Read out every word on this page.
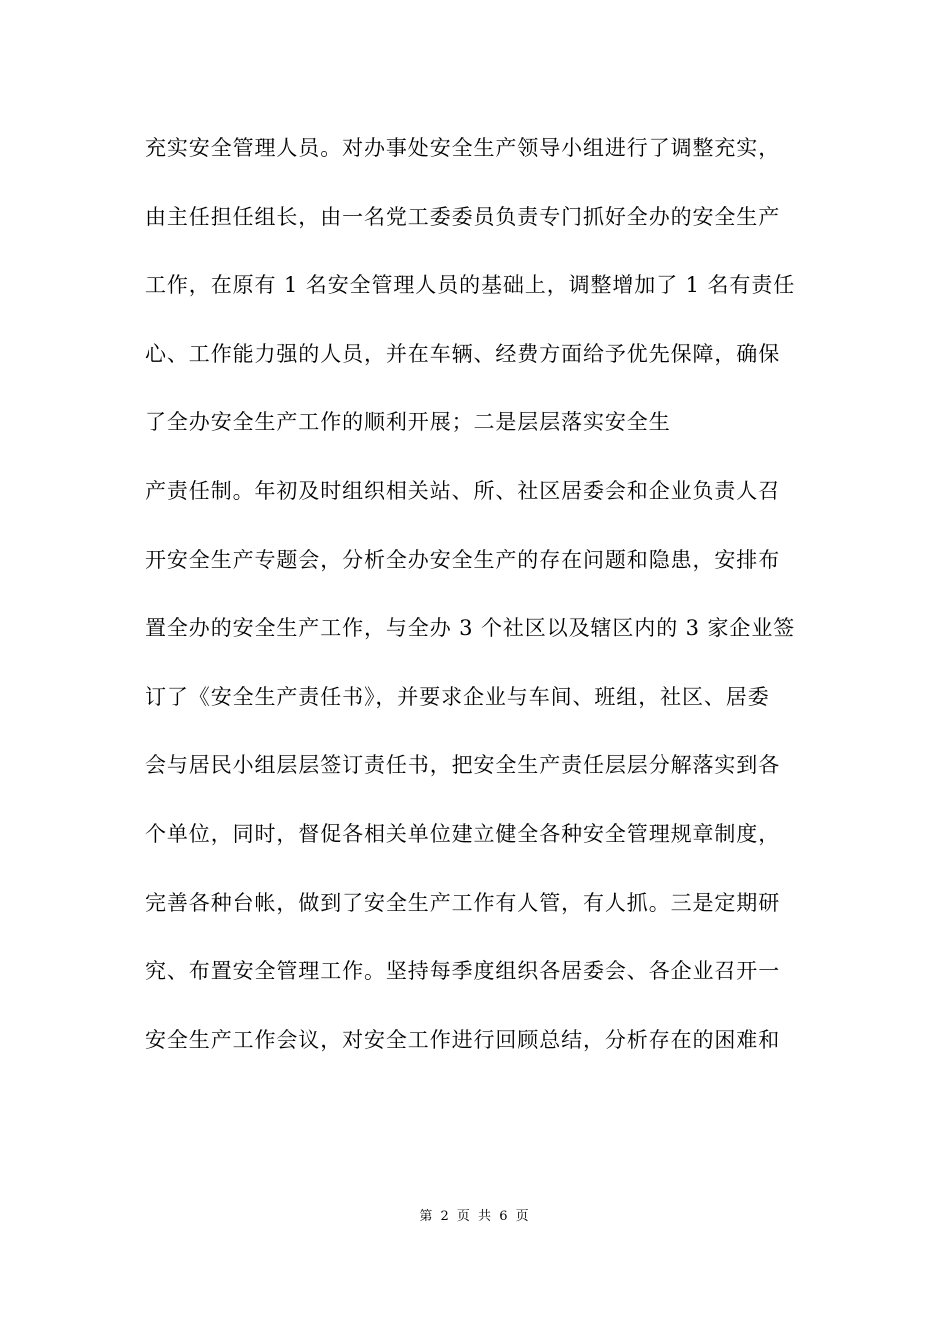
充实安全管理人员。对办事处安全生产领导小组进行了调整充实，
由主任担任组长，由一名党工委委员负责专门抓好全办的安全生产
工作，在原有 1 名安全管理人员的基础上，调整增加了 1 名有责任
心、工作能力强的人员，并在车辆、经费方面给予优先保障，确保
了全办安全生产工作的顺利开展；二是层层落实安全生
产责任制。年初及时组织相关站、所、社区居委会和企业负责人召
开安全生产专题会，分析全办安全生产的存在问题和隐患，安排布
置全办的安全生产工作，与全办 3 个社区以及辖区内的 3 家企业签
订了《安全生产责任书》，并要求企业与车间、班组，社区、居委
会与居民小组层层签订责任书，把安全生产责任层层分解落实到各
个单位，同时，督促各相关单位建立健全各种安全管理规章制度，
完善各种台帐，做到了安全生产工作有人管，有人抓。三是定期研
究、布置安全管理工作。坚持每季度组织各居委会、各企业召开一
安全生产工作会议，对安全工作进行回顾总结，分析存在的困难和
第 2 页 共 6 页
